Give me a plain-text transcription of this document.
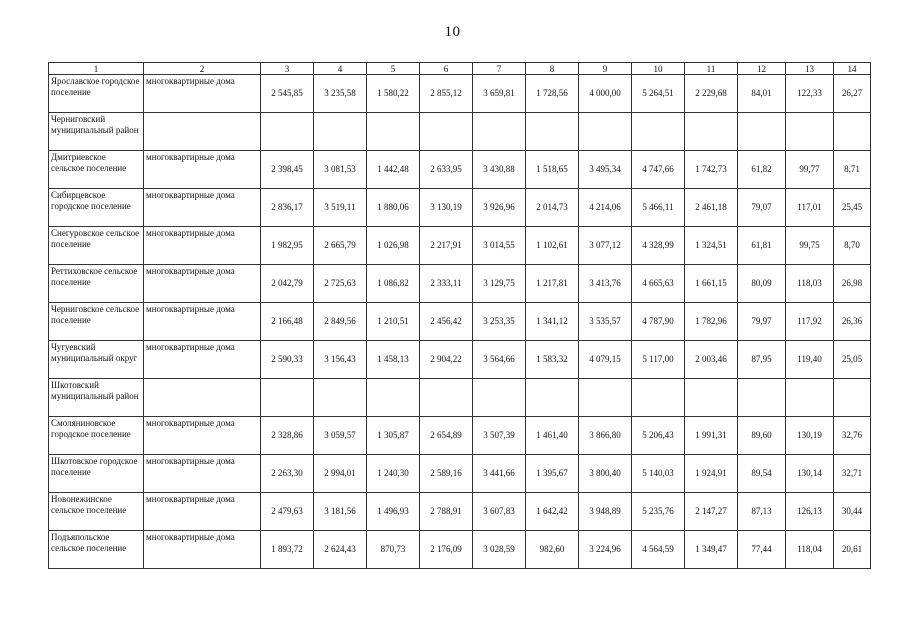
10
1	2	3	4	5	6	7	8	9	10	11	12	13	14
Ярославское городское поселение	многоквартирные дома	2 545,85	3 235,58	1 580,22	2 855,12	3 659,81	1 728,56	4 000,00	5 264,51	2 229,68	84,01	122,33	26,27
Черниговский муниципальный район													
Дмитриевское сельское поселение	многоквартирные дома	2 398,45	3 081,53	1 442,48	2 633,95	3 430,88	1 518,65	3 495,34	4 747,66	1 742,73	61,82	99,77	8,71
Сибирцевское городское поселение	многоквартирные дома	2 836,17	3 519,11	1 880,06	3 130,19	3 926,96	2 014,73	4 214,06	5 466,11	2 461,18	79,07	117,01	25,45
Снегуровское сельское поселение	многоквартирные дома	1 982,95	2 665,79	1 026,98	2 217,91	3 014,55	1 102,61	3 077,12	4 328,99	1 324,51	61,81	99,75	8,70
Реттиховское сельское поселение	многоквартирные дома	2 042,79	2 725,63	1 086,82	2 333,11	3 129,75	1 217,81	3 413,76	4 665,63	1 661,15	80,09	118,03	26,98
Черниговское сельское поселение	многоквартирные дома	2 166,48	2 849,56	1 210,51	2 456,42	3 253,35	1 341,12	3 535,57	4 787,90	1 782,96	79,97	117,92	26,36
Чугуевский муниципальный округ	многоквартирные дома	2 590,33	3 156,43	1 458,13	2 904,22	3 564,66	1 583,32	4 079,15	5 117,00	2 003,46	87,95	119,40	25,05
Шкотовский муниципальный район													
Смоляниновское городское поселение	многоквартирные дома	2 328,86	3 059,57	1 305,87	2 654,89	3 507,39	1 461,40	3 866,80	5 206,43	1 991,31	89,60	130,19	32,76
Шкотовское городское поселение	многоквартирные дома	2 263,30	2 994,01	1 240,30	2 589,16	3 441,66	1 395,67	3 800,40	5 140,03	1 924,91	89,54	130,14	32,71
Новонежинское сельское поселение	многоквартирные дома	2 479,63	3 181,56	1 496,93	2 788,91	3 607,83	1 642,42	3 948,89	5 235,76	2 147,27	87,13	126,13	30,44
Подъяпольское сельское поселение	многоквартирные дома	1 893,72	2 624,43	870,73	2 176,09	3 028,59	982,60	3 224,96	4 564,59	1 349,47	77,44	118,04	20,61
